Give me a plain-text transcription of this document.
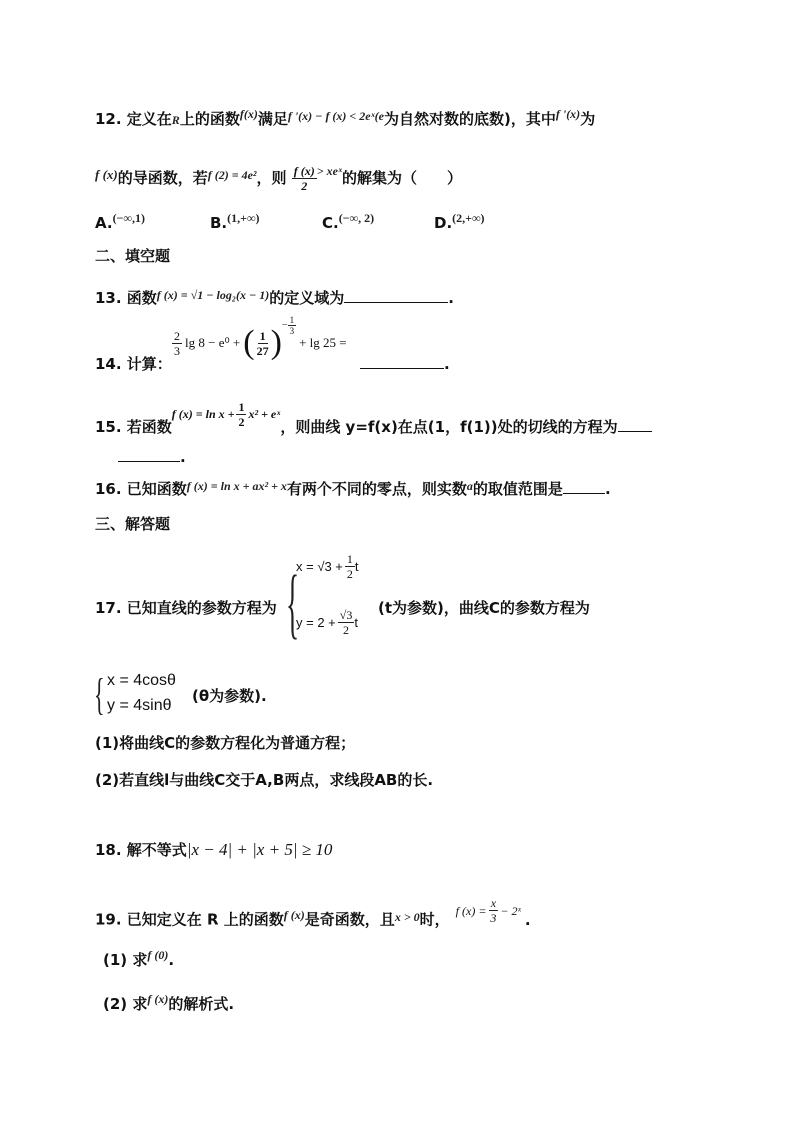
12. 定义在R上的函数$^{f(x)}$满足$^{f '(x) - f (x) < 2eˣ(e}$为自然对数的底数)，其中$^{f '(x)}$为
f (x)的导函数，若$^{f (2) = 4e^2}$，则 $\frac{f (x)}{2} ^{> xeˣ}$的解集为（　　）
A.$^{(-\infty,1)}$	B.$^{(1,+\infty)}$	C.$^{(-\infty, 2)}$	D.$^{(2,+\infty)}$
二、填空题
13. 函数$^{f (x) = √1 - log_2(x - 1)}$的定义域为	.
14. 计算：
$\frac{2}{3}$ lg 8 − e⁰ + ( $\frac{1}{27}$ ) − $\frac{1}{3}$
+ lg 25 =
.
15. 若函数
f $(x) = \ln x + \frac{1}{2} x^2$ + eˣ
，则曲线 y=f(x)在点(1，f(1))处的切线的方程为
.
16. 已知函数$^{f (x) = ln x + ax^2 + x}$有两个不同的零点，则实数$^a$的取值范围是	.
三、解答题
17. 已知直线的参数方程为 {
$x = √3 + \frac{1}{2}$ t
$y = 2 + \frac{√3}{2}$ t
(t为参数)，曲线C的参数方程为
{ x = 4cosθ
y = 4sinθ
(θ为参数).
(1)将曲线C的参数方程化为普通方程；
(2)若直线l与曲线C交于A,B两点，求线段AB的长.
18. 解不等式|x − 4| + |x + 5| ≥ 10
19. 已知定义在 R 上的函数$^{f (x)}$是奇函数，且$^{x > 0}$时， f $(x) = \frac{x}{3}$ − 2ˣ .
(1) 求$^{f (0)}$.
(2) 求$^{f (x)}$的解析式.
